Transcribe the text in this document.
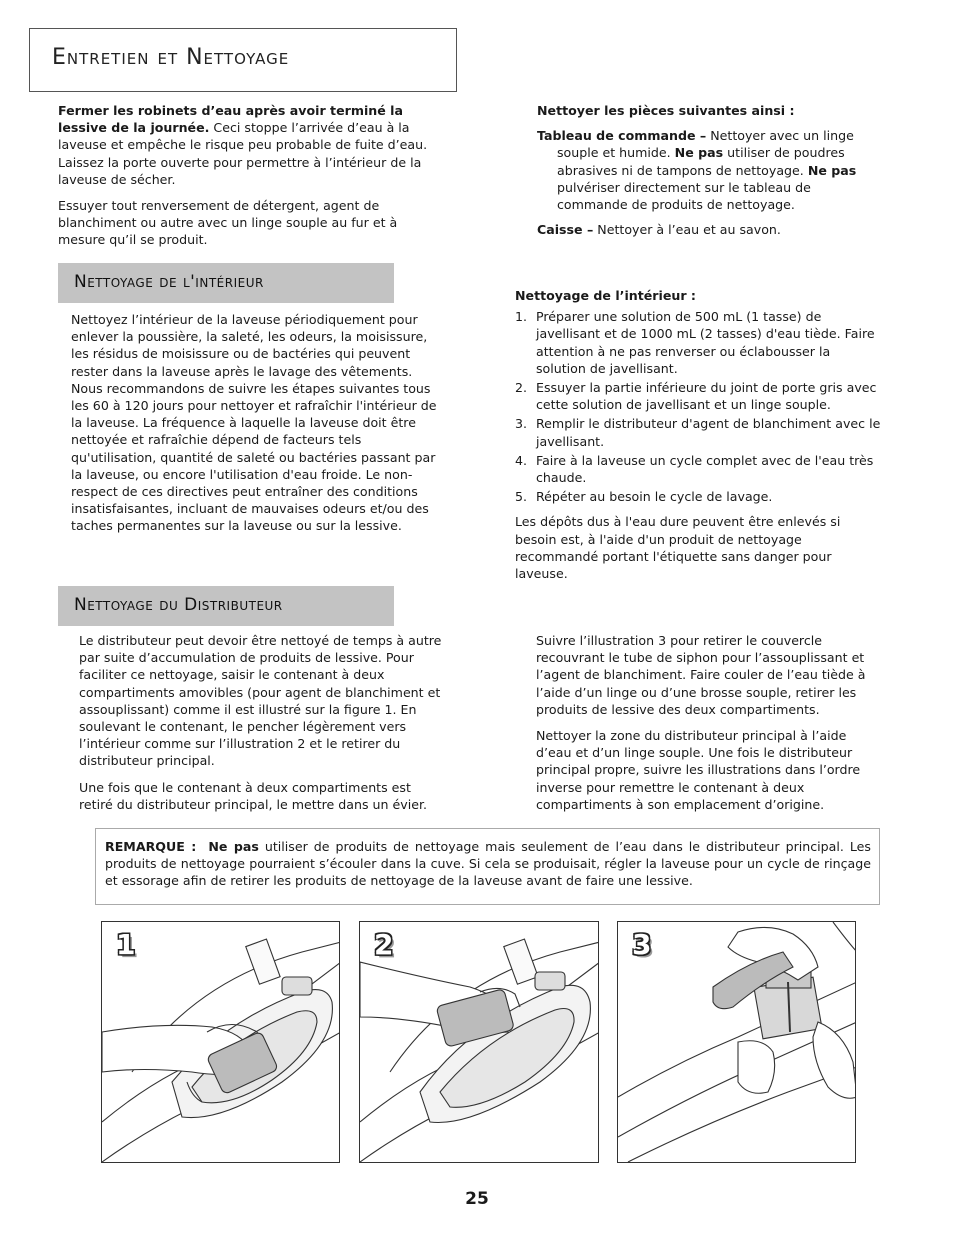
Entretien et Nettoyage

Fermer les robinets d’eau après avoir terminé la lessive de la journée. Ceci stoppe l’arrivée d’eau à la laveuse et empêche le risque peu probable de fuite d’eau. Laissez la porte ouverte pour permettre à l’intérieur de la laveuse de sécher.

Essuyer tout renversement de détergent, agent de blanchiment ou autre avec un linge souple au fur et à mesure qu’il se produit.

Nettoyer les pièces suivantes ainsi :

Tableau de commande – Nettoyer avec un linge souple et humide. Ne pas utiliser de poudres abrasives ni de tampons de nettoyage. Ne pas pulvériser directement sur le tableau de commande de produits de nettoyage.

Caisse – Nettoyer à l’eau et au savon.

Nettoyage de l'intérieur

Nettoyez l’intérieur de la laveuse périodiquement pour enlever la poussière, la saleté, les odeurs, la moisissure, les résidus de moisissure ou de bactéries qui peuvent rester dans la laveuse après le lavage des vêtements. Nous recommandons de suivre les étapes suivantes tous les 60 à 120 jours pour nettoyer et rafraîchir l'intérieur de la laveuse. La fréquence à laquelle la laveuse doit être nettoyée et rafraîchie dépend de facteurs tels qu'utilisation, quantité de saleté ou bactéries passant par la laveuse, ou encore l'utilisation d'eau froide. Le non-respect de ces directives peut entraîner des conditions insatisfaisantes, incluant de mauvaises odeurs et/ou des taches permanentes sur la laveuse ou sur la lessive.

Nettoyage de l’intérieur :

1. Préparer une solution de 500 mL (1 tasse) de javellisant et de 1000 mL (2 tasses) d'eau tiède. Faire attention à ne pas renverser ou éclabousser la solution de javellisant.
2. Essuyer la partie inférieure du joint de porte gris avec cette solution de javellisant et un linge souple.
3. Remplir le distributeur d'agent de blanchiment avec le javellisant.
4. Faire à la laveuse un cycle complet avec de l'eau très chaude.
5. Répéter au besoin le cycle de lavage.

Les dépôts dus à l'eau dure peuvent être enlevés si besoin est, à l'aide d'un produit de nettoyage recommandé portant l'étiquette sans danger pour laveuse.

Nettoyage du Distributeur

Le distributeur peut devoir être nettoyé de temps à autre par suite d’accumulation de produits de lessive. Pour faciliter ce nettoyage, saisir le contenant à deux compartiments amovibles (pour agent de blanchiment et assouplissant) comme il est illustré sur la figure 1. En soulevant le contenant, le pencher légèrement vers l’intérieur comme sur l’illustration 2 et le retirer du distributeur principal.

Une fois que le contenant à deux compartiments est retiré du distributeur principal, le mettre dans un évier.

Suivre l’illustration 3 pour retirer le couvercle recouvrant le tube de siphon pour l’assouplissant et l’agent de blanchiment. Faire couler de l’eau tiède à l’aide d’un linge ou d’une brosse souple, retirer les produits de lessive des deux compartiments.

Nettoyer la zone du distributeur principal à l’aide d’eau et d’un linge souple. Une fois le distributeur principal propre, suivre les illustrations dans l’ordre inverse pour remettre le contenant à deux compartiments à son emplacement d’origine.

REMARQUE : Ne pas utiliser de produits de nettoyage mais seulement de l’eau dans le distributeur principal. Les produits de nettoyage pourraient s’écouler dans la cuve. Si cela se produisait, régler la laveuse pour un cycle de rinçage et essorage afin de retirer les produits de nettoyage de la laveuse avant de faire une lessive.

1	2	3
25
